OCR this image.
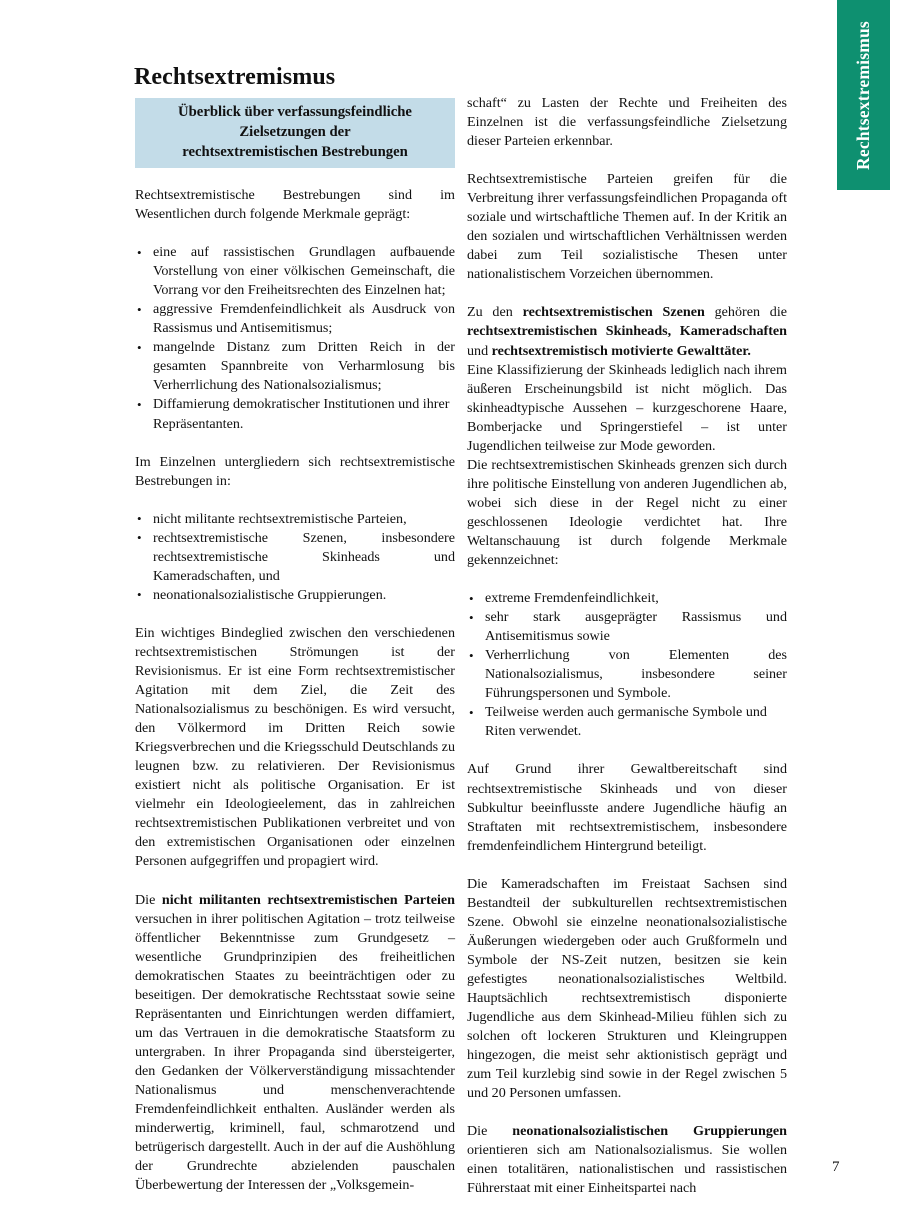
Rechtsextremismus
Rechtsextremismus
Überblick über verfassungsfeindliche
Zielsetzungen der
rechtsextremistischen Bestrebungen

Rechtsextremistische Bestrebungen sind im Wesentlichen durch folgende Merkmale geprägt:

• eine auf rassistischen Grundlagen aufbauende Vorstellung von einer völkischen Gemeinschaft, die Vorrang vor den Freiheitsrechten des Einzelnen hat;
• aggressive Fremdenfeindlichkeit als Ausdruck von Rassismus und Antisemitismus;
• mangelnde Distanz zum Dritten Reich in der gesamten Spannbreite von Verharmlosung bis Verherrlichung des Nationalsozialismus;
• Diffamierung demokratischer Institutionen und ihrer Repräsentanten.

Im Einzelnen untergliedern sich rechtsextremistische Bestrebungen in:

• nicht militante rechtsextremistische Parteien,
• rechtsextremistische Szenen, insbesondere rechtsextremistische Skinheads und Kameradschaften, und
• neonationalsozialistische Gruppierungen.

Ein wichtiges Bindeglied zwischen den verschiedenen rechtsextremistischen Strömungen ist der Revisionismus. Er ist eine Form rechtsextremistischer Agitation mit dem Ziel, die Zeit des Nationalsozialismus zu beschönigen. Es wird versucht, den Völkermord im Dritten Reich sowie Kriegsverbrechen und die Kriegsschuld Deutschlands zu leugnen bzw. zu relativieren. Der Revisionismus existiert nicht als politische Organisation. Er ist vielmehr ein Ideologieelement, das in zahlreichen rechtsextremistischen Publikationen verbreitet und von den extremistischen Organisationen oder einzelnen Personen aufgegriffen und propagiert wird.

Die nicht militanten rechtsextremistischen Parteien versuchen in ihrer politischen Agitation – trotz teilweise öffentlicher Bekenntnisse zum Grundgesetz – wesentliche Grundprinzipien des freiheitlichen demokratischen Staates zu beeinträchtigen oder zu beseitigen. Der demokratische Rechtsstaat sowie seine Repräsentanten und Einrichtungen werden diffamiert, um das Vertrauen in die demokratische Staatsform zu untergraben. In ihrer Propaganda sind übersteigerter, den Gedanken der Völkerverständigung missachtender Nationalismus und menschenverachtende Fremdenfeindlichkeit enthalten. Ausländer werden als minderwertig, kriminell, faul, schmarotzend und betrügerisch dargestellt. Auch in der auf die Aushöhlung der Grundrechte abzielenden pauschalen Überbewertung der Interessen der „Volksgemein-

schaft“ zu Lasten der Rechte und Freiheiten des Einzelnen ist die verfassungsfeindliche Zielsetzung dieser Parteien erkennbar.

Rechtsextremistische Parteien greifen für die Verbreitung ihrer verfassungsfeindlichen Propaganda oft soziale und wirtschaftliche Themen auf. In der Kritik an den sozialen und wirtschaftlichen Verhältnissen werden dabei zum Teil sozialistische Thesen unter nationalistischem Vorzeichen übernommen.

Zu den rechtsextremistischen Szenen gehören die rechtsextremistischen Skinheads, Kameradschaften und rechtsextremistisch motivierte Gewalttäter.

Eine Klassifizierung der Skinheads lediglich nach ihrem äußeren Erscheinungsbild ist nicht möglich. Das skinheadtypische Aussehen – kurzgeschorene Haare, Bomberjacke und Springerstiefel – ist unter Jugendlichen teilweise zur Mode geworden.

Die rechtsextremistischen Skinheads grenzen sich durch ihre politische Einstellung von anderen Jugendlichen ab, wobei sich diese in der Regel nicht zu einer geschlossenen Ideologie verdichtet hat. Ihre Weltanschauung ist durch folgende Merkmale gekennzeichnet:

• extreme Fremdenfeindlichkeit,
• sehr stark ausgeprägter Rassismus und Antisemitismus sowie
• Verherrlichung von Elementen des Nationalsozialismus, insbesondere seiner Führungspersonen und Symbole.
• Teilweise werden auch germanische Symbole und Riten verwendet.

Auf Grund ihrer Gewaltbereitschaft sind rechtsextremistische Skinheads und von dieser Subkultur beeinflusste andere Jugendliche häufig an Straftaten mit rechtsextremistischem, insbesondere fremdenfeindlichem Hintergrund beteiligt.

Die Kameradschaften im Freistaat Sachsen sind Bestandteil der subkulturellen rechtsextremistischen Szene. Obwohl sie einzelne neonationalsozialistische Äußerungen wiedergeben oder auch Grußformeln und Symbole der NS-Zeit nutzen, besitzen sie kein gefestigtes neonationalsozialistisches Weltbild. Hauptsächlich rechtsextremistisch disponierte Jugendliche aus dem Skinhead-Milieu fühlen sich zu solchen oft lockeren Strukturen und Kleingruppen hingezogen, die meist sehr aktionistisch geprägt und zum Teil kurzlebig sind sowie in der Regel zwischen 5 und 20 Personen umfassen.

Die neonationalsozialistischen Gruppierungen orientieren sich am Nationalsozialismus. Sie wollen einen totalitären, nationalistischen und rassistischen Führerstaat mit einer Einheitspartei nach

7
